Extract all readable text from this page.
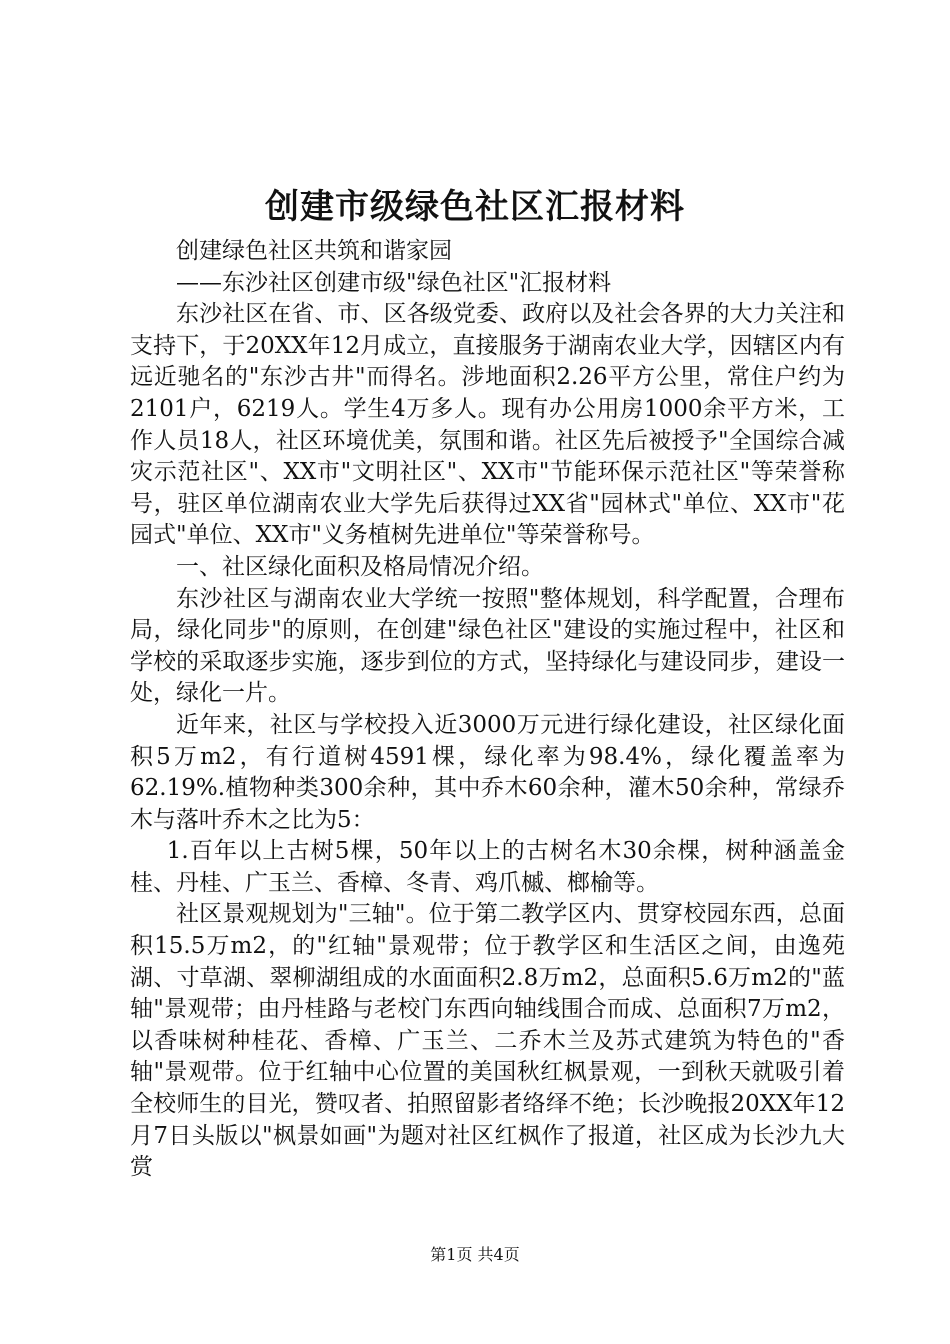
创建市级绿色社区汇报材料

创建绿色社区共筑和谐家园

——东沙社区创建市级"绿色社区"汇报材料

东沙社区在省、市、区各级党委、政府以及社会各界的大力关注和支持下，于20XX年12月成立，直接服务于湖南农业大学，因辖区内有远近驰名的"东沙古井"而得名。涉地面积2.26平方公里，常住户约为2101户，6219人。学生4万多人。现有办公用房1000余平方米，工作人员18人，社区环境优美，氛围和谐。社区先后被授予"全国综合减灾示范社区"、XX市"文明社区"、XX市"节能环保示范社区"等荣誉称号，驻区单位湖南农业大学先后获得过XX省"园林式"单位、XX市"花园式"单位、XX市"义务植树先进单位"等荣誉称号。

一、社区绿化面积及格局情况介绍。

东沙社区与湖南农业大学统一按照"整体规划，科学配置，合理布局，绿化同步"的原则，在创建"绿色社区"建设的实施过程中，社区和学校的采取逐步实施，逐步到位的方式，坚持绿化与建设同步，建设一处，绿化一片。

近年来，社区与学校投入近3000万元进行绿化建设，社区绿化面积5万m2，有行道树4591棵，绿化率为98.4%，绿化覆盖率为62.19%.植物种类300余种，其中乔木60余种，灌木50余种，常绿乔木与落叶乔木之比为5：

1.百年以上古树5棵，50年以上的古树名木30余棵，树种涵盖金桂、丹桂、广玉兰、香樟、冬青、鸡爪槭、榔榆等。

社区景观规划为"三轴"。位于第二教学区内、贯穿校园东西，总面积15.5万m2，的"红轴"景观带；位于教学区和生活区之间，由逸苑湖、寸草湖、翠柳湖组成的水面面积2.8万m2，总面积5.6万m2的"蓝轴"景观带；由丹桂路与老校门东西向轴线围合而成、总面积7万m2，以香味树种桂花、香樟、广玉兰、二乔木兰及苏式建筑为特色的"香轴"景观带。位于红轴中心位置的美国秋红枫景观，一到秋天就吸引着全校师生的目光，赞叹者、拍照留影者络绎不绝；长沙晚报20XX年12月7日头版以"枫景如画"为题对社区红枫作了报道，社区成为长沙九大赏

第1页 共4页
